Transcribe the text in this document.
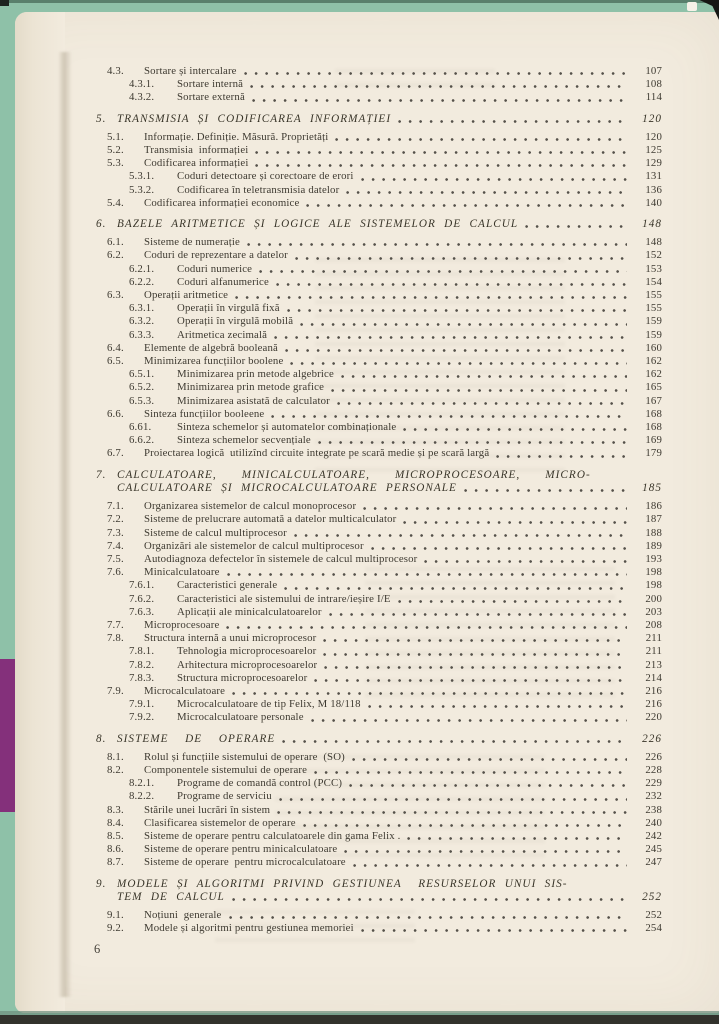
4.3.	Sortare și intercalare	107
4.3.1.	Sortare internă	108
4.3.2.	Sortare externă	114
5. TRANSMISIA ȘI CODIFICAREA INFORMAȚIEI	120
5.1.	Informație. Definiție. Măsură. Proprietăți	120
5.2.	Transmisia  informației	125
5.3.	Codificarea informației	129
5.3.1.	Coduri detectoare și corectoare de erori	131
5.3.2.	Codificarea în teletransmisia datelor	136
5.4.	Codificarea informației economice	140
6. BAZELE ARITMETICE ȘI LOGICE ALE SISTEMELOR DE CALCUL	148
6.1.	Sisteme de numerație	148
6.2.	Coduri de reprezentare a datelor	152
6.2.1.	Coduri numerice	153
6.2.2.	Coduri alfanumerice	154
6.3.	Operații aritmetice	155
6.3.1.	Operații în virgulă fixă	155
6.3.2.	Operații în virgulă mobilă	159
6.3.3.	Aritmetica zecimală	159
6.4.	Elemente de algebră booleană	160
6.5.	Minimizarea funcțiilor boolene	162
6.5.1.	Minimizarea prin metode algebrice	162
6.5.2.	Minimizarea prin metode grafice	165
6.5.3.	Minimizarea asistată de calculator	167
6.6.	Sinteza funcțiilor booleene	168
6.61.	Sinteza schemelor și automatelor combinaționale	168
6.6.2.	Sinteza schemelor secvențiale	169
6.7.	Proiectarea logică  utilizînd circuite integrate pe scară medie și pe scară largă	179
7. CALCULATOARE,   MINICALCULATOARE,   MICROPROCESOARE,   MICRO-
CALCULATOARE ȘI MICROCALCULATOARE PERSONALE	185
7.1.	Organizarea sistemelor de calcul monoprocesor	186
7.2.	Sisteme de prelucrare automată a datelor multicalculator	187
7.3.	Sisteme de calcul multiprocesor	188
7.4.	Organizări ale sistemelor de calcul multiprocesor	189
7.5.	Autodiagnoza defectelor în sistemele de calcul multiprocesor	193
7.6.	Minicalculatoare	198
7.6.1.	Caracteristici generale	198
7.6.2.	Caracteristici ale sistemului de intrare/ieșire I/E	200
7.6.3.	Aplicații ale minicalculatoarelor	203
7.7.	Microprocesoare	208
7.8.	Structura internă a unui microprocesor	211
7.8.1.	Tehnologia microprocesoarelor	211
7.8.2.	Arhitectura microprocesoarelor	213
7.8.3.	Structura microprocesoarelor	214
7.9.	Microcalculatoare	216
7.9.1.	Microcalculatoare de tip Felix, M 18/118	216
7.9.2.	Microcalculatoare personale	220
8. SISTEME  DE  OPERARE	226
8.1.	Rolul și funcțiile sistemului de operare  (SO)	226
8.2.	Componentele sistemului de operare	228
8.2.1.	Programe de comandă control (PCC)	229
8.2.2.	Programe de serviciu	232
8.3.	Stările unei lucrări în sistem	238
8.4.	Clasificarea sistemelor de operare	240
8.5.	Sisteme de operare pentru calculatoarele din gama Felix .	242
8.6.	Sisteme de operare pentru minicalculatoare	245
8.7.	Sisteme de operare  pentru microcalculatoare	247
9. MODELE ȘI ALGORITMI PRIVIND GESTIUNEA  RESURSELOR UNUI SIS-
TEM DE CALCUL	252
9.1.	Noțiuni  generale	252
9.2.	Modele și algoritmi pentru gestiunea memoriei	254
6
